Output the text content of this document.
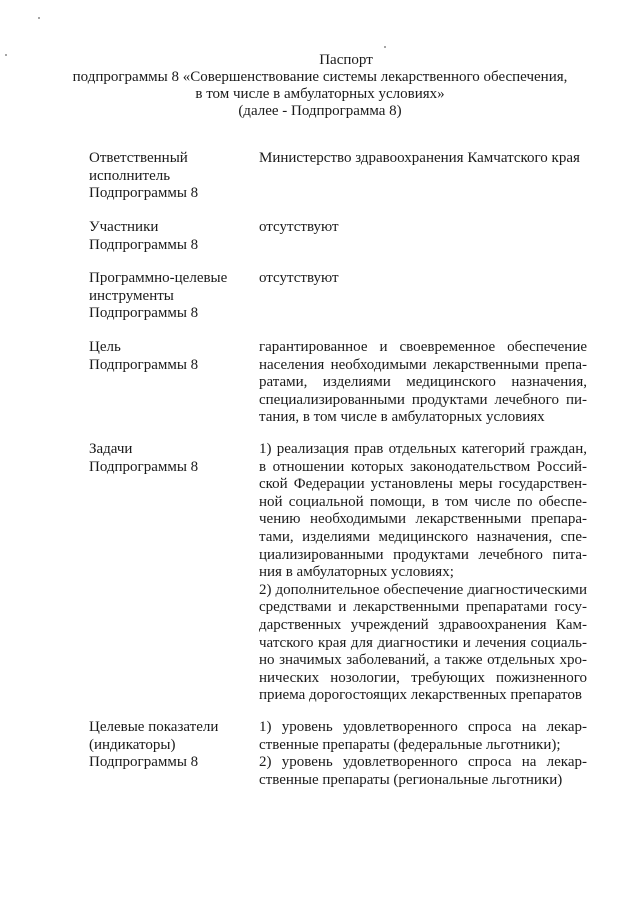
Паспорт
подпрограммы 8 «Совершенствование системы лекарственного обеспечения,
в том числе в амбулаторных условиях»
(далее - Подпрограмма 8)
Ответственный
исполнитель
Подпрограммы 8
Министерство здравоохранения Камчатского края
Участники
Подпрограммы 8
отсутствуют
Программно-целевые
инструменты
Подпрограммы 8
отсутствуют
Цель
Подпрограммы 8
гарантированное и своевременное обеспечение
населения необходимыми лекарственными препа-
ратами, изделиями медицинского назначения,
специализированными продуктами лечебного пи-
тания, в том числе в амбулаторных условиях
Задачи
Подпрограммы 8
1) реализация прав отдельных категорий граждан,
в отношении которых законодательством Россий-
ской Федерации установлены меры государствен-
ной социальной помощи, в том числе по обеспе-
чению необходимыми лекарственными препара-
тами, изделиями медицинского назначения, спе-
циализированными продуктами лечебного пита-
ния в амбулаторных условиях;
2) дополнительное обеспечение диагностическими
средствами и лекарственными препаратами госу-
дарственных учреждений здравоохранения Кам-
чатского края для диагностики и лечения социаль-
но значимых заболеваний, а также отдельных хро-
нических нозологии, требующих пожизненного
приема дорогостоящих лекарственных препаратов
Целевые показатели
(индикаторы)
Подпрограммы 8
1) уровень удовлетворенного спроса на лекар-
ственные препараты (федеральные льготники);
2) уровень удовлетворенного спроса на лекар-
ственные препараты (региональные льготники)
